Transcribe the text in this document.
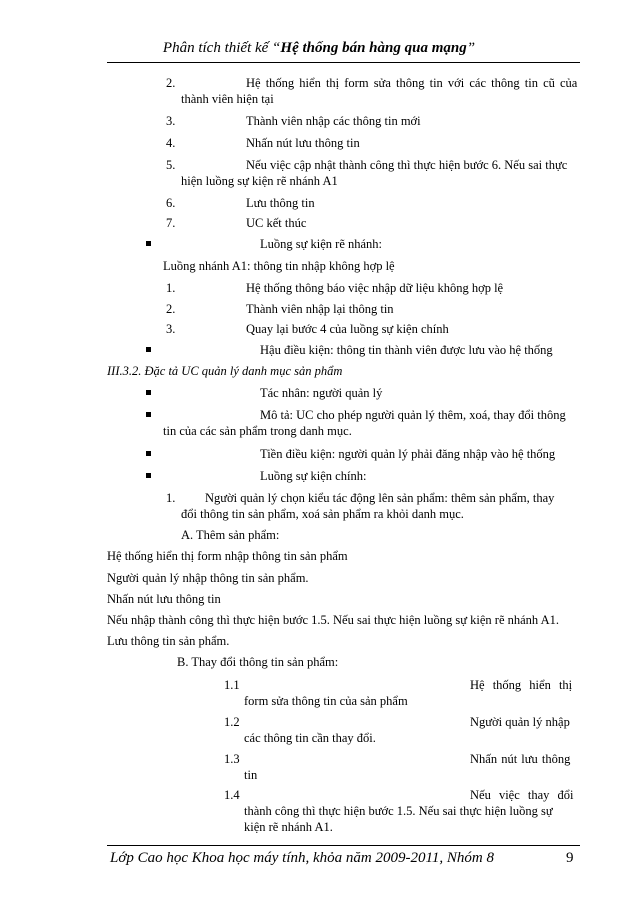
Phân tích thiết kế “Hệ thống bán hàng qua mạng”
2.	Hệ thống hiển thị form sửa thông tin với các thông tin cũ của
thành viên hiện tại
3.	Thành viên nhập các thông tin mới
4.	Nhấn nút lưu thông tin
5.	Nếu việc cập nhật thành công thì thực hiện bước 6. Nếu sai thực
hiện luồng sự kiện rẽ nhánh A1
6.	Lưu thông tin
7.	UC kết thúc
Luồng sự kiện rẽ nhánh:
Luồng nhánh A1: thông tin nhập không hợp lệ
1.	Hệ thống thông báo việc nhập dữ liệu không hợp lệ
2.	Thành viên nhập lại thông tin
3.	Quay lại bước 4 của luồng sự kiện chính
Hậu điều kiện: thông tin thành viên được lưu vào hệ thống
III.3.2. Đặc tả UC quản lý danh mục sản phẩm
Tác nhân: người quản lý
Mô tả: UC cho phép người quản lý thêm, xoá, thay đổi thông
tin của các sản phẩm trong danh mục.
Tiền điều kiện: người quản lý phải đăng nhập vào hệ thống
Luồng sự kiện chính:
1. Người quản lý chọn kiểu tác động lên sản phẩm: thêm sản phẩm, thay
đổi thông tin sản phẩm, xoá sản phẩm ra khỏi danh mục.
A. Thêm sản phẩm:
Hệ thống hiển thị form nhập thông tin sản phẩm
Người quản lý nhập thông tin sản phẩm.
Nhấn nút lưu thông tin
Nếu nhập thành công thì thực hiện bước 1.5. Nếu sai thực hiện luồng sự kiện rẽ nhánh A1.
Lưu thông tin sản phẩm.
B. Thay đổi thông tin sản phẩm:
1.1	Hệ thống hiển thị
form sửa thông tin của sản phẩm
1.2	Người quản lý nhập
các thông tin cần thay đổi.
1.3	Nhấn nút lưu thông
tin
1.4	Nếu việc thay đổi
thành công thì thực hiện bước 1.5. Nếu sai thực hiện luồng sự
kiện rẽ nhánh A1.
Lớp Cao học Khoa học máy tính, khỏa năm 2009-2011, Nhóm 8	9
